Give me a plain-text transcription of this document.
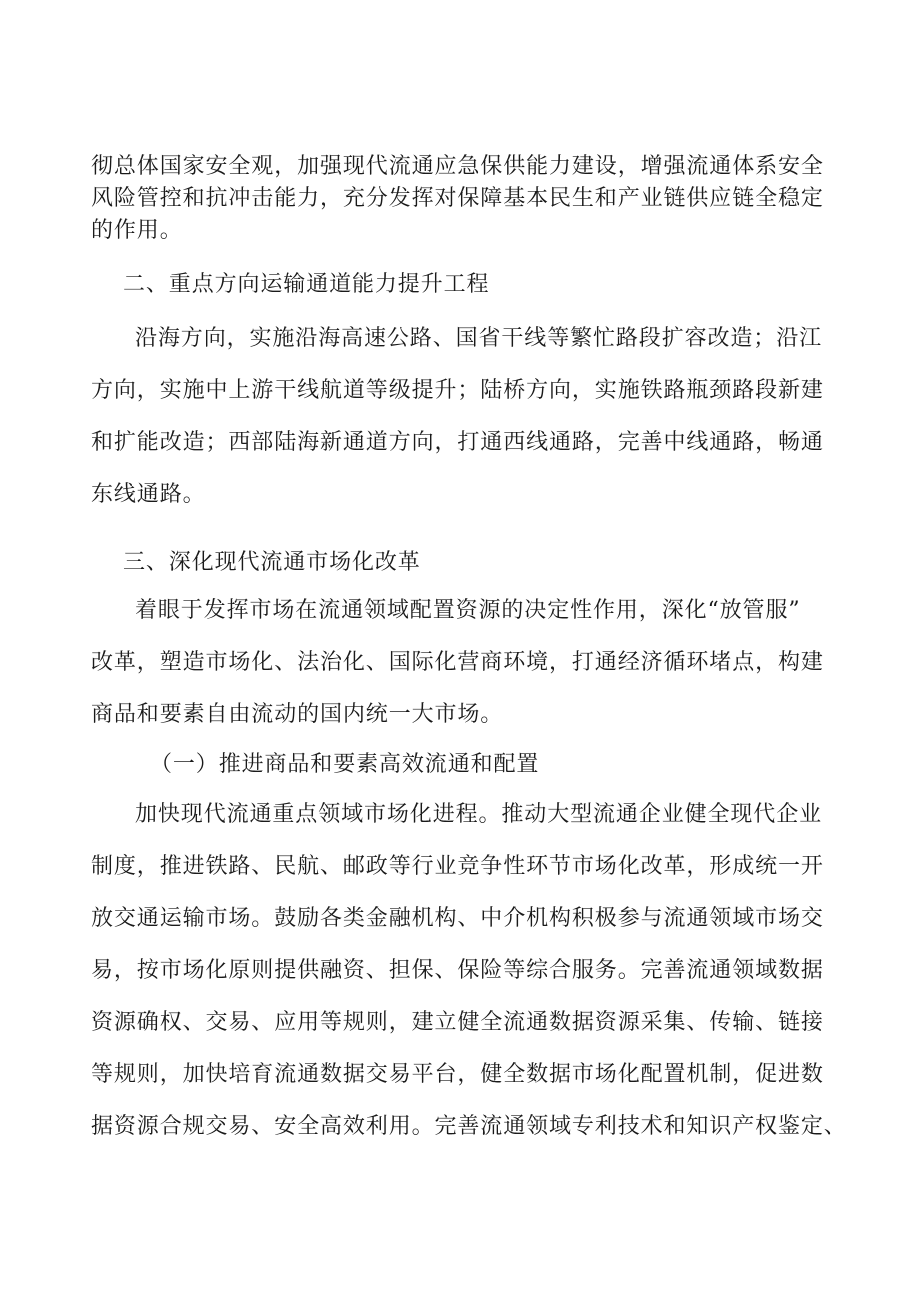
彻总体国家安全观，加强现代流通应急保供能力建设，增强流通体系安全
风险管控和抗冲击能力，充分发挥对保障基本民生和产业链供应链全稳定
的作用。
二、重点方向运输通道能力提升工程
沿海方向，实施沿海高速公路、国省干线等繁忙路段扩容改造；沿江
方向，实施中上游干线航道等级提升；陆桥方向，实施铁路瓶颈路段新建
和扩能改造；西部陆海新通道方向，打通西线通路，完善中线通路，畅通
东线通路。
三、深化现代流通市场化改革
着眼于发挥市场在流通领域配置资源的决定性作用，深化“放管服”
改革，塑造市场化、法治化、国际化营商环境，打通经济循环堵点，构建
商品和要素自由流动的国内统一大市场。
（一）推进商品和要素高效流通和配置
加快现代流通重点领域市场化进程。推动大型流通企业健全现代企业
制度，推进铁路、民航、邮政等行业竞争性环节市场化改革，形成统一开
放交通运输市场。鼓励各类金融机构、中介机构积极参与流通领域市场交
易，按市场化原则提供融资、担保、保险等综合服务。完善流通领域数据
资源确权、交易、应用等规则，建立健全流通数据资源采集、传输、链接
等规则，加快培育流通数据交易平台，健全数据市场化配置机制，促进数
据资源合规交易、安全高效利用。完善流通领域专利技术和知识产权鉴定、
